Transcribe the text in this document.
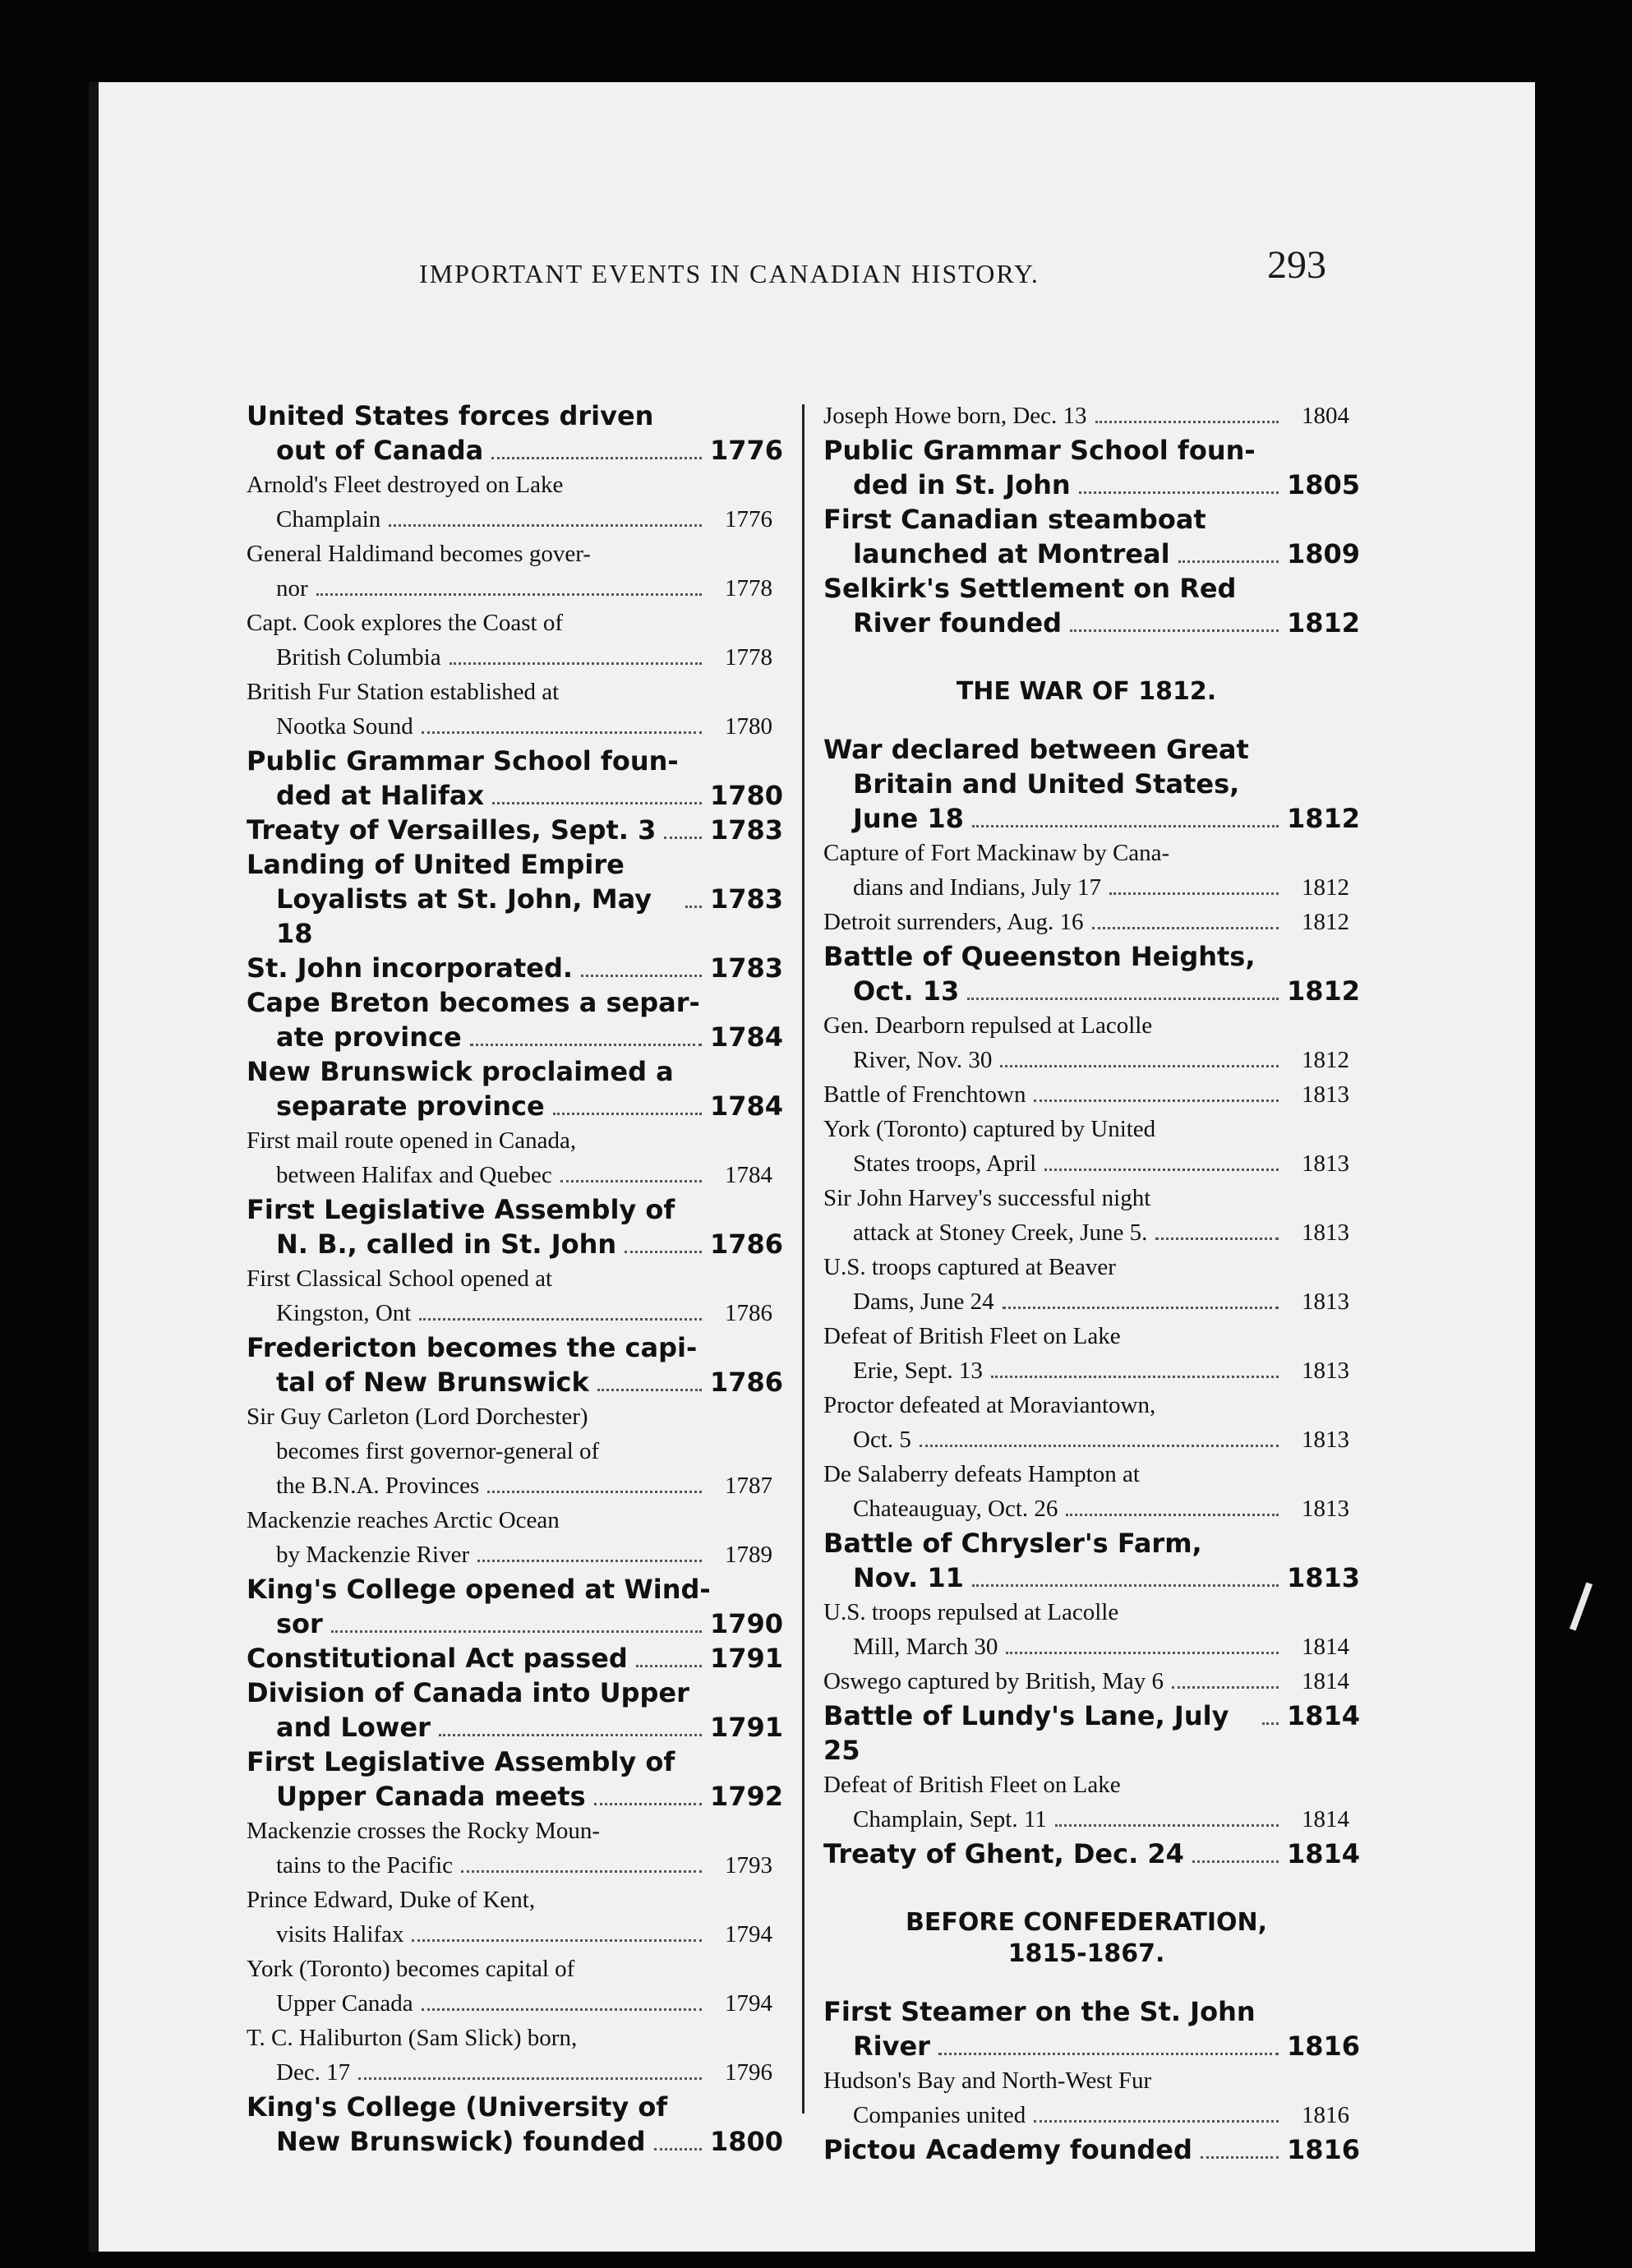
IMPORTANT EVENTS IN CANADIAN HISTORY.	293
United States forces driven
out of Canada	1776
Arnold's Fleet destroyed on Lake
Champlain	1776
General Haldimand becomes gover-
nor	1778
Capt. Cook explores the Coast of
British Columbia	1778
British Fur Station established at
Nootka Sound	1780
Public Grammar School foun-
ded at Halifax	1780
Treaty of Versailles, Sept. 3 1783
Landing of United Empire
Loyalists at St. John, May 18
1783
St. John incorporated.	1783
Cape Breton becomes a separ-
ate province	1784
New Brunswick proclaimed a
separate province	1784
First mail route opened in Canada,
between Halifax and Quebec	1784
First Legislative Assembly of
N. B., called in St. John	1786
First Classical School opened at
Kingston, Ont	1786
Fredericton becomes the capi-
tal of New Brunswick	1786
Sir Guy Carleton (Lord Dorchester)
becomes first governor-general of
the B.N.A. Provinces	1787
Mackenzie reaches Arctic Ocean
by Mackenzie River	1789
King's College opened at Wind-
sor	1790
Constitutional Act passed	1791
Division of Canada into Upper
and Lower	1791
First Legislative Assembly of
Upper Canada meets	1792
Mackenzie crosses the Rocky Moun-
tains to the Pacific	1793
Prince Edward, Duke of Kent,
visits Halifax	1794
York (Toronto) becomes capital of
Upper Canada	1794
T. C. Haliburton (Sam Slick) born,
Dec. 17	1796
King's College (University of
New Brunswick) founded 1800
Joseph Howe born, Dec. 13	1804
Public Grammar School foun-
ded in St. John	1805
First Canadian steamboat
launched at Montreal	1809
Selkirk's Settlement on Red
River founded	1812
THE WAR OF 1812.
War declared between Great
Britain and United States,
June 18	1812
Capture of Fort Mackinaw by Cana-
dians and Indians, July 17	1812
Detroit surrenders, Aug. 16	1812
Battle of Queenston Heights,
Oct. 13	1812
Gen. Dearborn repulsed at Lacolle
River, Nov. 30	1812
Battle of Frenchtown	1813
York (Toronto) captured by United
States troops, April	1813
Sir John Harvey's successful night
attack at Stoney Creek, June 5.	1813
U.S. troops captured at Beaver
Dams, June 24	1813
Defeat of British Fleet on Lake
Erie, Sept. 13	1813
Proctor defeated at Moraviantown,
Oct. 5	1813
De Salaberry defeats Hampton at
Chateauguay, Oct. 26	1813
Battle of Chrysler's Farm,
Nov. 11	1813
U.S. troops repulsed at Lacolle
Mill, March 30	1814
Oswego captured by British, May 6	1814
Battle of Lundy's Lane, July 25
1814
Defeat of British Fleet on Lake
Champlain, Sept. 11	1814
Treaty of Ghent, Dec. 24	1814
BEFORE CONFEDERATION,
1815-1867.
First Steamer on the St. John
River	1816
Hudson's Bay and North-West Fur
Companies united	1816
Pictou Academy founded	1816
